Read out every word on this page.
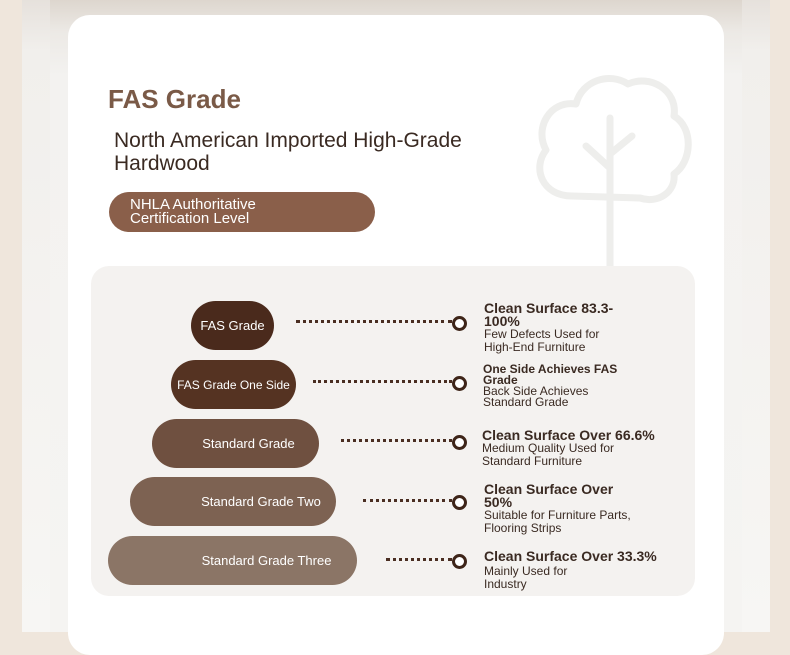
FAS Grade
North American Imported High-Grade Hardwood
NHLA Authoritative Certification Level
FAS Grade
Clean Surface 83.3-100%
Few Defects Used for High-End Furniture
FAS Grade One Side
One Side Achieves FAS Grade
Back Side Achieves Standard Grade
Standard Grade
Clean Surface Over 66.6%
Medium Quality Used for Standard Furniture
Standard Grade Two
Clean Surface Over 50%
Suitable for Furniture Parts, Flooring Strips
Standard Grade Three	Clean Surface Over 33.3%
Mainly Used for Industry
